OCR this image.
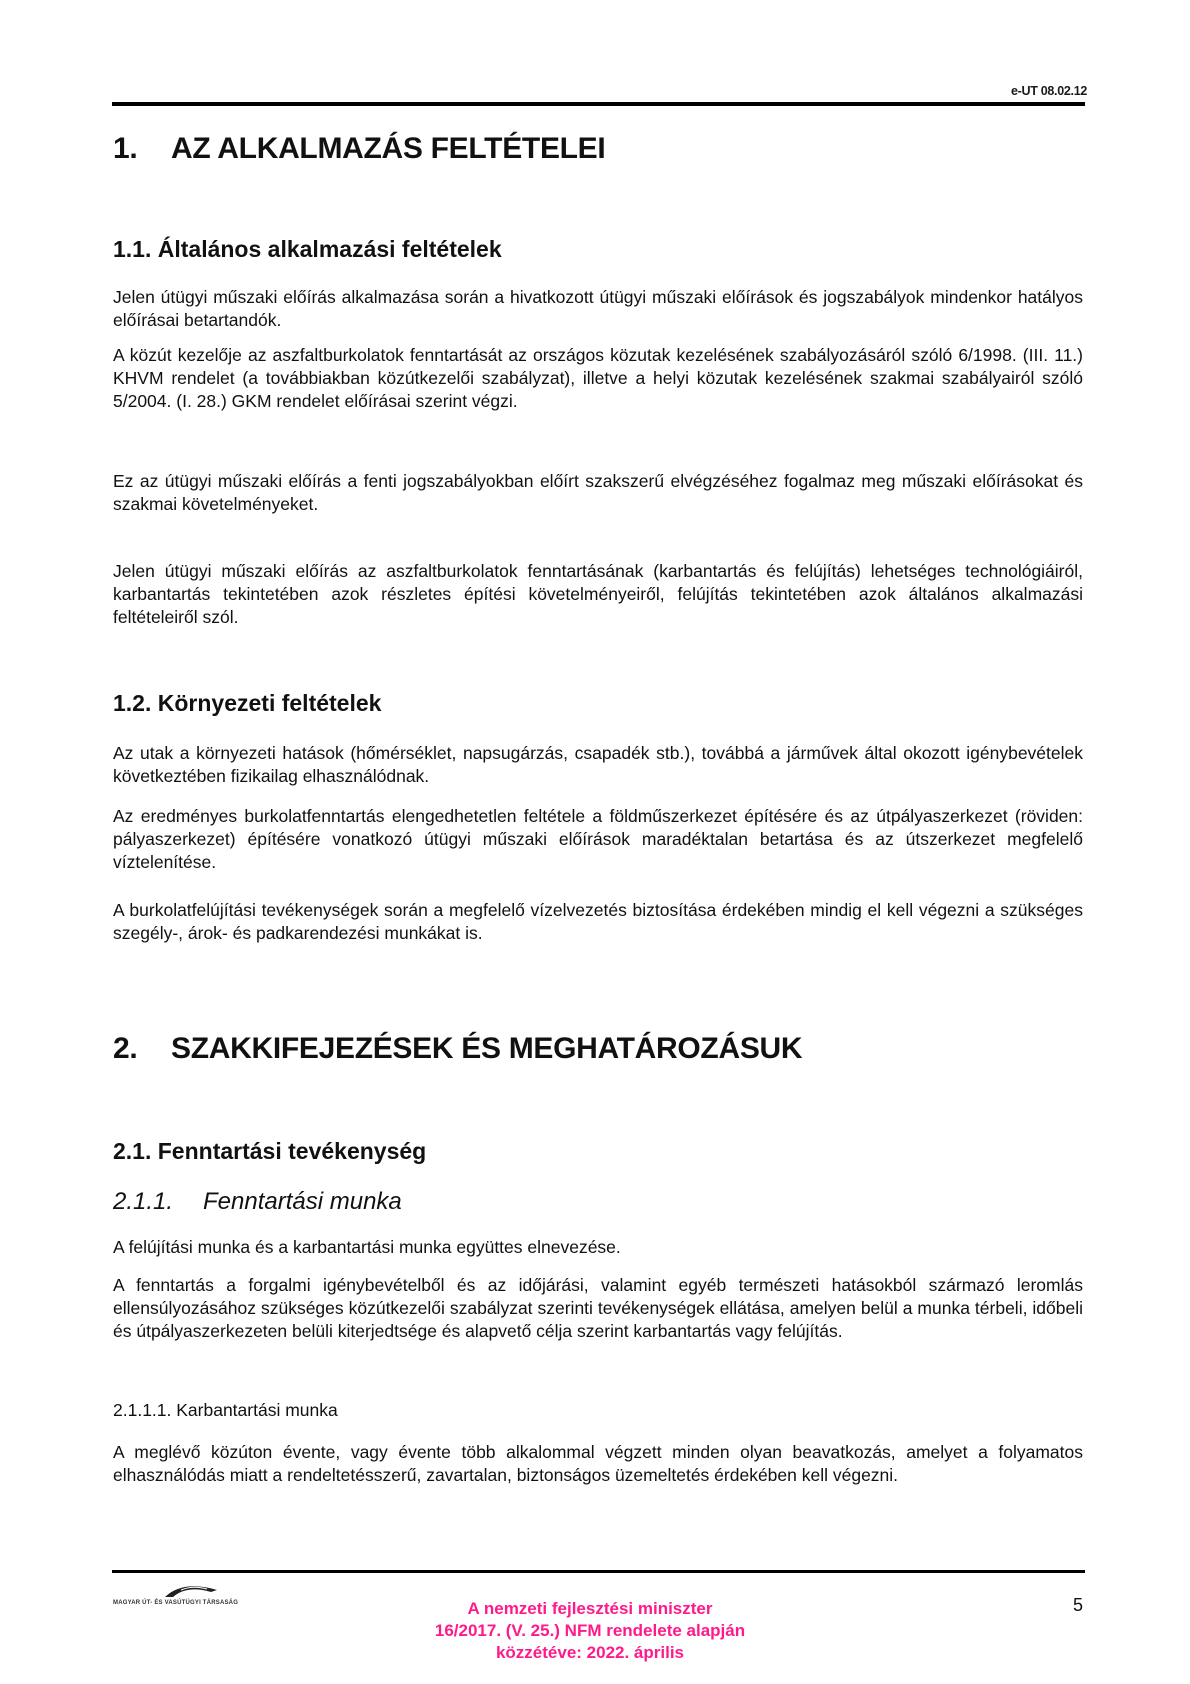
e-UT 08.02.12
1. AZ ALKALMAZÁS FELTÉTELEI
1.1. Általános alkalmazási feltételek

Jelen útügyi műszaki előírás alkalmazása során a hivatkozott útügyi műszaki előírások és jogszabályok mindenkor hatályos előírásai betartandók.

A közút kezelője az aszfaltburkolatok fenntartását az országos közutak kezelésének szabályozásáról szóló 6/1998. (III. 11.) KHVM rendelet (a továbbiakban közútkezelői szabályzat), illetve a helyi közutak kezelésének szakmai szabályairól szóló 5/2004. (I. 28.) GKM rendelet előírásai szerint végzi.

Ez az útügyi műszaki előírás a fenti jogszabályokban előírt szakszerű elvégzéséhez fogalmaz meg műszaki előírásokat és szakmai követelményeket.

Jelen útügyi műszaki előírás az aszfaltburkolatok fenntartásának (karbantartás és felújítás) lehetséges technológiáiról, karbantartás tekintetében azok részletes építési követelményeiről, felújítás tekintetében azok általános alkalmazási feltételeiről szól.

1.2. Környezeti feltételek

Az utak a környezeti hatások (hőmérséklet, napsugárzás, csapadék stb.), továbbá a járművek által okozott igénybevételek következtében fizikailag elhasználódnak.

Az eredményes burkolatfenntartás elengedhetetlen feltétele a földműszerkezet építésére és az útpályaszerkezet (röviden: pályaszerkezet) építésére vonatkozó útügyi műszaki előírások maradéktalan betartása és az útszerkezet megfelelő víztelenítése.

A burkolatfelújítási tevékenységek során a megfelelő vízelvezetés biztosítása érdekében mindig el kell végezni a szükséges szegély-, árok- és padkarendezési munkákat is.

2. SZAKKIFEJEZÉSEK ÉS MEGHATÁROZÁSUK
2.1. Fenntartási tevékenység
2.1.1. Fenntartási munka

A felújítási munka és a karbantartási munka együttes elnevezése.

A fenntartás a forgalmi igénybevételből és az időjárási, valamint egyéb természeti hatásokból származó leromlás ellensúlyozásához szükséges közútkezelői szabályzat szerinti tevékenységek ellátása, amelyen belül a munka térbeli, időbeli és útpályaszerkezeten belüli kiterjedtsége és alapvető célja szerint karbantartás vagy felújítás.

2.1.1.1. Karbantartási munka

A meglévő közúton évente, vagy évente több alkalommal végzett minden olyan beavatkozás, amelyet a folyamatos elhasználódás miatt a rendeltetésszerű, zavartalan, biztonságos üzemeltetés érdekében kell végezni.

MAGYAR ÚT- ÉS VASÚTÜGYI TÁRSASÁG	5
A nemzeti fejlesztési miniszter
16/2017. (V. 25.) NFM rendelete alapján
közzétéve: 2022. április
